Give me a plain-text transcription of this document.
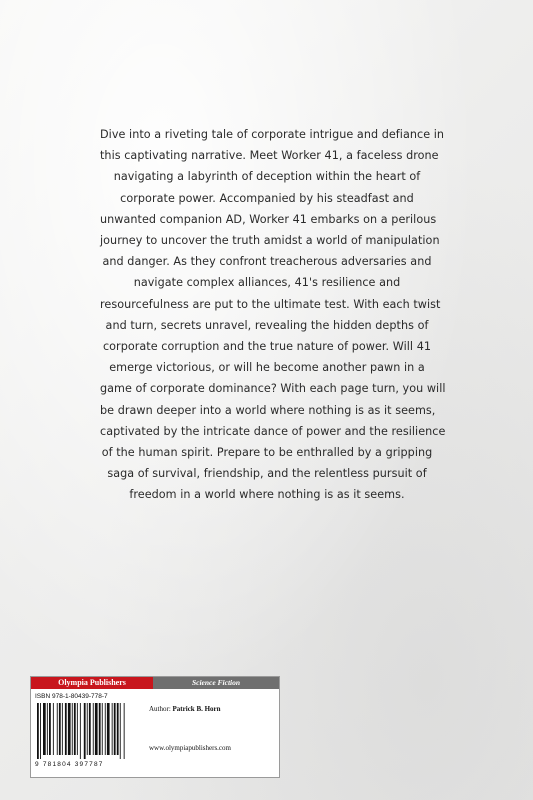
Dive into a riveting tale of corporate intrigue and defiance in
this captivating narrative. Meet Worker 41, a faceless drone
navigating a labyrinth of deception within the heart of
corporate power. Accompanied by his steadfast and
unwanted companion AD, Worker 41 embarks on a perilous
journey to uncover the truth amidst a world of manipulation
and danger. As they confront treacherous adversaries and
navigate complex alliances, 41's resilience and
resourcefulness are put to the ultimate test. With each twist
and turn, secrets unravel, revealing the hidden depths of
corporate corruption and the true nature of power. Will 41
emerge victorious, or will he become another pawn in a
game of corporate dominance? With each page turn, you will
be drawn deeper into a world where nothing is as it seems,
captivated by the intricate dance of power and the resilience
of the human spirit. Prepare to be enthralled by a gripping
saga of survival, friendship, and the relentless pursuit of
freedom in a world where nothing is as it seems.

Olympia Publishers	Science Fiction
ISBN 978-1-80439-778-7
Author: Patrick B. Horn
9 781804 397787
www.olympiapublishers.com
